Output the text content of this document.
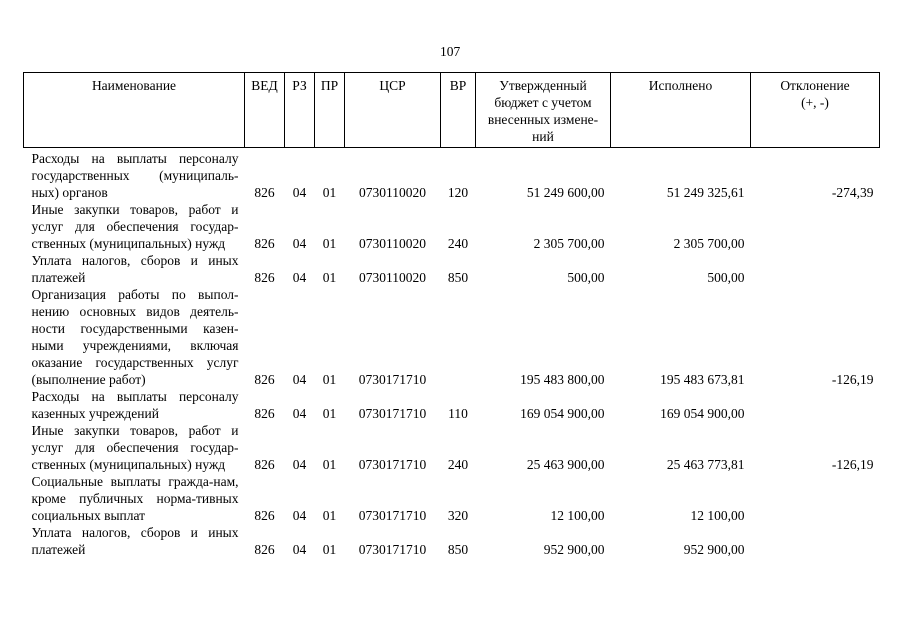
107
Наименование	ВЕД	РЗ	ПР	ЦСР	ВР	Утвержденный бюджет с учетом внесенных измене-ний	Исполнено	Отклонение (+, -)
Расходы на выплаты персоналу государственных (муниципаль-ных) органов	826	04	01	0730110020	120	51 249 600,00	51 249 325,61	-274,39
Иные закупки товаров, работ и услуг для обеспечения государ-ственных (муниципальных) нужд	826	04	01	0730110020	240	2 305 700,00	2 305 700,00	
Уплата налогов, сборов и иных платежей	826	04	01	0730110020	850	500,00	500,00	
Организация работы по выпол-нению основных видов деятель-ности государственными казен-ными учреждениями, включая оказание государственных услуг (выполнение работ)	826	04	01	0730171710		195 483 800,00	195 483 673,81	-126,19
Расходы на выплаты персоналу казенных учреждений	826	04	01	0730171710	110	169 054 900,00	169 054 900,00	
Иные закупки товаров, работ и услуг для обеспечения государ-ственных (муниципальных) нужд	826	04	01	0730171710	240	25 463 900,00	25 463 773,81	-126,19
Социальные выплаты гражда-нам, кроме публичных норма-тивных социальных выплат	826	04	01	0730171710	320	12 100,00	12 100,00	
Уплата налогов, сборов и иных платежей	826	04	01	0730171710	850	952 900,00	952 900,00	
